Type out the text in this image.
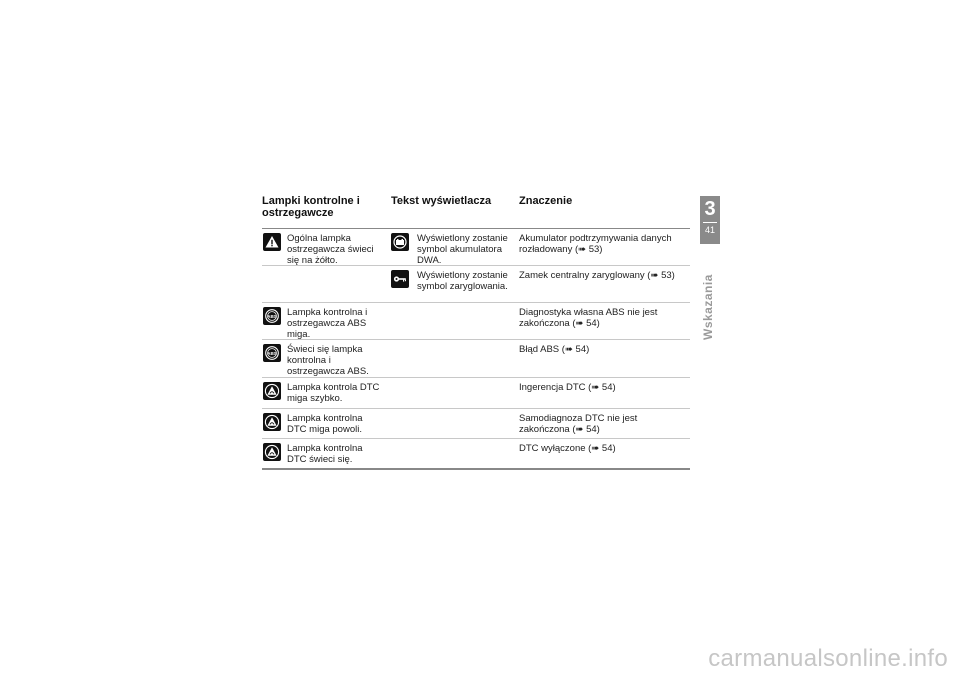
Lampki kontrolne i ostrzegawcze
Tekst wyświetlacza	Znaczenie
Ogólna lampka ostrzegawcza świeci się na żółto.
Wyświetlony zostanie symbol akumulatora DWA.
Akumulator podtrzymywania danych rozładowany (➠ 53)
Wyświetlony zostanie symbol zaryglowania.
Zamek centralny zaryglowany (➠ 53)
ABS Lampka kontrolna i ostrzegawcza ABS miga.
Diagnostyka własna ABS nie jest zakończona (➠ 54)
ABS Świeci się lampka kontrolna i ostrzegawcza ABS.
Błąd ABS (➠ 54)
Lampka kontrola DTC miga szybko.
Ingerencja DTC (➠ 54)
Lampka kontrolna DTC miga powoli.
Samodiagnoza DTC nie jest zakończona (➠ 54)
Lampka kontrolna DTC świeci się.
DTC wyłączone (➠ 54)
3
41
Wskazania
carmanualsonline.info
